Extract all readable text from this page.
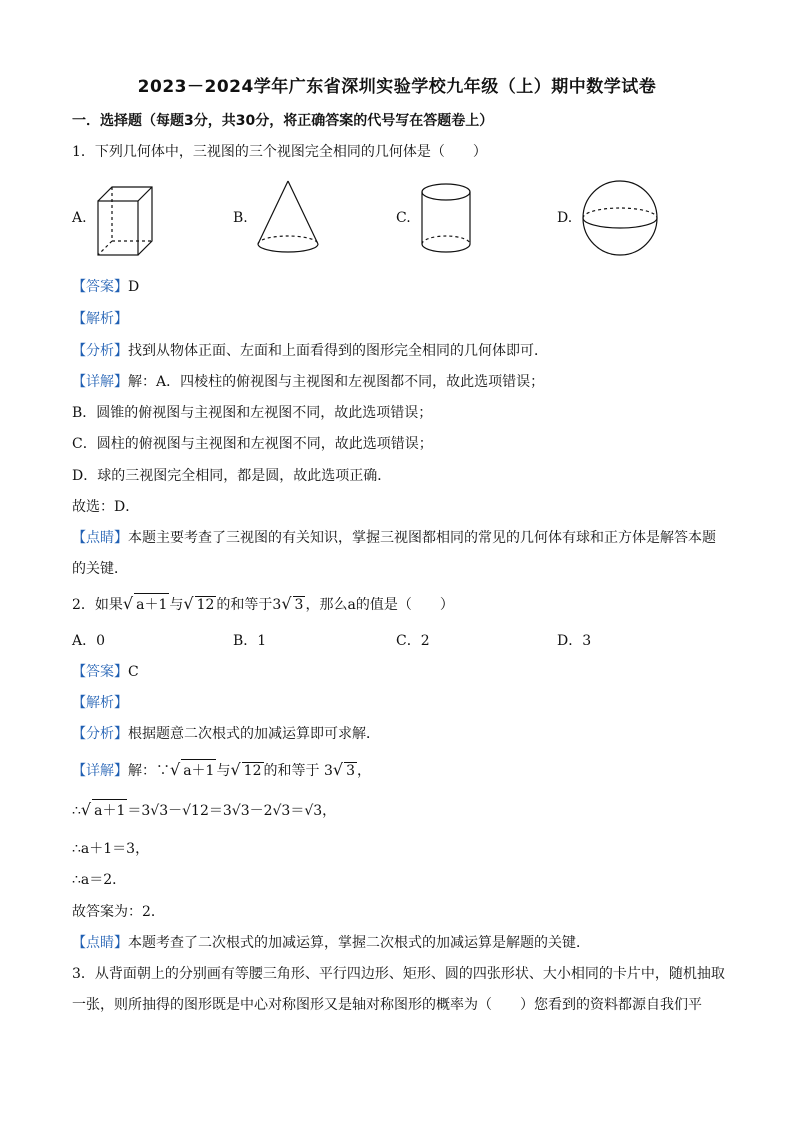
2023－2024学年广东省深圳实验学校九年级（上）期中数学试卷
一．选择题（每题3分，共30分，将正确答案的代号写在答题卷上）
1．下列几何体中，三视图的三个视图完全相同的几何体是（　　）
A.	B.	C.	D.
【答案】D
【解析】
【分析】找到从物体正面、左面和上面看得到的图形完全相同的几何体即可．
【详解】解：A．四棱柱的俯视图与主视图和左视图都不同，故此选项错误；
B．圆锥的俯视图与主视图和左视图不同，故此选项错误；
C．圆柱的俯视图与主视图和左视图不同，故此选项错误；
D．球的三视图完全相同，都是圆，故此选项正确．
故选：D．
【点睛】本题主要考查了三视图的有关知识，掌握三视图都相同的常见的几何体有球和正方体是解答本题
的关键．
2．如果√ a＋1 与√ 12 的和等于3√ 3 ，那么a的值是（　　）
A．0	B．1	C．2	D．3
【答案】C
【解析】
【分析】根据题意二次根式的加减运算即可求解．
【详解】解：∵√ a＋1 与√ 12 的和等于 3√ 3 ，
∴√ a＋1 ＝3√3－√12＝3√3－2√3＝√3，
∴a＋1＝3，
∴a＝2．
故答案为：2．
【点睛】本题考查了二次根式的加减运算，掌握二次根式的加减运算是解题的关键．
3．从背面朝上的分别画有等腰三角形、平行四边形、矩形、圆的四张形状、大小相同的卡片中，随机抽取
一张，则所抽得的图形既是中心对称图形又是轴对称图形的概率为（　　）您看到的资料都源自我们平
